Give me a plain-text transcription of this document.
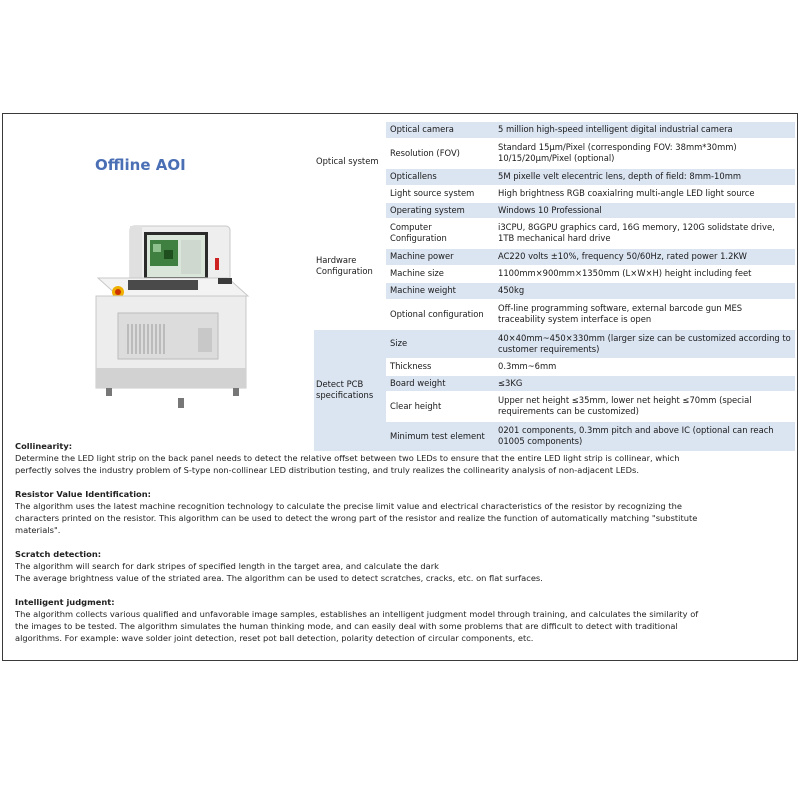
Offline AOI	Optical system	Optical camera	5 million high-speed intelligent digital industrial camera
	Resolution (FOV)	Standard 15µm/Pixel (corresponding FOV: 38mm*30mm) 10/15/20µm/Pixel (optional)
	Opticallens	5M pixelle velt elecentric lens, depth of field: 8mm-10mm
	Light source system	High brightness RGB coaxialring multi-angle LED light source
Hardware Configuration	Operating system	Windows 10 Professional
	Computer Configuration	i3CPU, 8GGPU graphics card, 16G memory, 120G solidstate drive, 1TB mechanical hard drive
	Machine power	AC220 volts ±10%, frequency 50/60Hz, rated power 1.2KW
	Machine size	1100mm×900mm×1350mm (L×W×H) height including feet
	Machine weight	450kg
	Optional configuration	Off-line programming software, external barcode gun MES traceability system interface is open
Detect PCB specifications	Size	40×40mm~450×330mm (larger size can be customized according to customer requirements)
	Thickness	0.3mm~6mm
	Board weight	≤3KG
	Clear height	Upper net height ≤35mm, lower net height ≤70mm (special requirements can be customized)
	Minimum test element	0201 components, 0.3mm pitch and above IC (optional can reach 01005 components)
Collinearity:

Determine the LED light strip on the back panel needs to detect the relative offset between two LEDs to ensure that the entire LED light strip is collinear, which

perfectly solves the industry problem of S-type non-collinear LED distribution testing, and truly realizes the collinearity analysis of non-adjacent LEDs.

Resistor Value Identification:

The algorithm uses the latest machine recognition technology to calculate the precise limit value and electrical characteristics of the resistor by recognizing the

characters printed on the resistor. This algorithm can be used to detect the wrong part of the resistor and realize the function of automatically matching "substitute

materials".

Scratch detection:

The algorithm will search for dark stripes of specified length in the target area, and calculate the dark

The average brightness value of the striated area. The algorithm can be used to detect scratches, cracks, etc. on flat surfaces.

Intelligent judgment:

The algorithm collects various qualified and unfavorable image samples, establishes an intelligent judgment model through training, and calculates the similarity of

the images to be tested. The algorithm simulates the human thinking mode, and can easily deal with some problems that are difficult to detect with traditional

algorithms. For example: wave solder joint detection, reset pot ball detection, polarity detection of circular components, etc.
